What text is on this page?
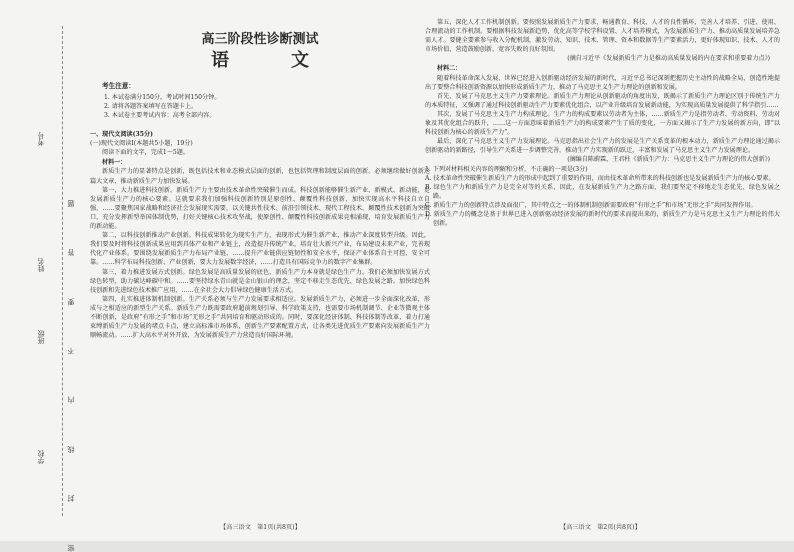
考号
姓名
班级
学校	密 封 线 内 不 要 答 题
高三阶段性诊断测试
语　文
考生注意：
1. 本试卷满分150分，考试时间150分钟。
2. 请将各题答案填写在答题卡上。
3. 本试卷主要考试内容：高考全部内容。
一、现代文阅读(35分)
(一)现代文阅读Ⅰ(本题共5小题，19分)

阅读下面的文字，完成1～5题。

材料一：

新质生产力的显著特点是创新，既包括技术和业态模式层面的创新，也包括管理和制度层面的创新。必须继续做好创新这篇大文章，推动新质生产力加快发展。

第一，大力推进科技创新。新质生产力主要由技术革命性突破催生而成。科技创新能够催生新产业、新模式、新动能，是发展新质生产力的核心要素。这就要求我们加强科技创新特别是原创性、颠覆性科技创新，加快实现高水平科技自立自强，……要聚焦国家战略和经济社会发展现实需要，以关键共性技术、前沿引领技术、现代工程技术、颠覆性技术创新为突破口，充分发挥新型举国体制优势，打好关键核心技术攻坚战，使原创性、颠覆性科技创新成果竞相涌现，培育发展新质生产力的新动能。

第二，以科技创新推动产业创新。科技成果转化为现实生产力，表现形式为催生新产业、推动产业深度转型升级。因此，我们要及时将科技创新成果应用到具体产业和产业链上，改造提升传统产业，培育壮大新兴产业，布局建设未来产业，完善现代化产业体系。要围绕发展新质生产力布局产业链，……提升产业链供应链韧性和安全水平，保证产业体系自主可控、安全可靠。……科学布局科技创新、产业创新，要大力发展数字经济，……打造具有国际竞争力的数字产业集群。

第三，着力推进发展方式创新。绿色发展是高质量发展的底色，新质生产力本身就是绿色生产力。我们必须加快发展方式绿色转型，助力碳达峰碳中和。……要坚持绿水青山就是金山银山的理念，坚定不移走生态优先、绿色发展之路。加快绿色科技创新和先进绿色技术推广应用，……在全社会大力倡导绿色健康生活方式。

第四，扎实推进体制机制创新。生产关系必须与生产力发展要求相适应。发展新质生产力，必须进一步全面深化改革，形成与之相适应的新型生产关系。新质生产力既需要政府超前规划引导、科学政策支持，也需要市场机制调节、企业等微观主体不断创新，是政府“有形之手”和市场“无形之手”共同培育和驱动形成的。同时，要深化经济体制、科技体制等改革，着力打通束缚新质生产力发展的堵点卡点，建立高标准市场体系，创新生产要素配置方式，让各类先进优质生产要素向发展新质生产力顺畅流动。……扩大高水平对外开放，为发展新质生产力营造良好国际环境。

第五，深化人才工作机制创新。要按照发展新质生产力要求，畅通教育、科技、人才的良性循环，完善人才培养、引进、使用、合理流动的工作机制。要根据科技发展新趋势，优化高等学校学科设置、人才培养模式，为发展新质生产力、推动高质量发展培养急需人才。要健全要素参与收入分配机制，激发劳动、知识、技术、管理、资本和数据等生产要素活力，更好体现知识、技术、人才的市场价值，营造鼓励创新、宽容失败的良好氛围。

(摘自习近平《发展新质生产力是推动高质量发展的内在要求和重要着力点》)

材料二：

随着科技革命深入发展，世界已经进入创新驱动经济发展的新时代，习近平总书记深刻把握历史主动性的战略全局，创造性地提出了要整合科技创新资源以加快形成新质生产力，推动了马克思主义生产力理论的创新和发展。

首先，发展了马克思主义生产力要素理论。新质生产力理论从创新驱动的角度出发，既揭示了新质生产力理论区别于传统生产力的本质特征，又强调了通过科技创新驱动生产力要素优化组合，以产业升级培育发展新动能，为实现高质量发展提供了科学指引……

其次，发展了马克思主义生产力构成理论。生产力的构成要素以劳动者为主体，……新质生产力是指劳动者、劳动资料、劳动对象及其优化组合的跃升，……这一方面意味着新质生产力的构成要素产生了质的变化，一方面又揭示了生产力发展的新方向，即“以科技创新为核心的新质生产力”。

最后，深化了马克思主义生产力发展理论。马克思指出社会生产力的发展是生产关系变革的根本动力，新质生产力理论通过揭示创新驱动的新路径，引导生产关系进一步调整完善，推动生产力实现新的跃迁，丰富和发展了马克思主义生产力发展理论。

(摘编自陈蔚霖、王君柱《新质生产力：马克思主义生产力理论的伟大创新》)

1. 下列对材料相关内容的理解和分析，不正确的一项是(3分)

A. 技术革命性突破催生新质生产力的形成中起到了重要的作用，而由技术革命所带来的科技创新也是发展新质生产力的核心要素。

B. 绿色生产力和新质生产力是完全对等的关系，因此，在发展新质生产力之路方面，我们要坚定不移地走生态优先、绿色发展之路。

C. 新质生产力的创新特点涉及面很广，其中特点之一的体制机制创新需要政府“有形之手”和市场“无形之手”共同发挥作用。

D. 新质生产力的概念是基于世界已进入创新驱动经济发展的新时代的要求而提出来的，新质生产力是马克思主义生产力理论的伟大创新。

【高三语文　第1页(共8页)】	【高三语文　第2页(共8页)】
